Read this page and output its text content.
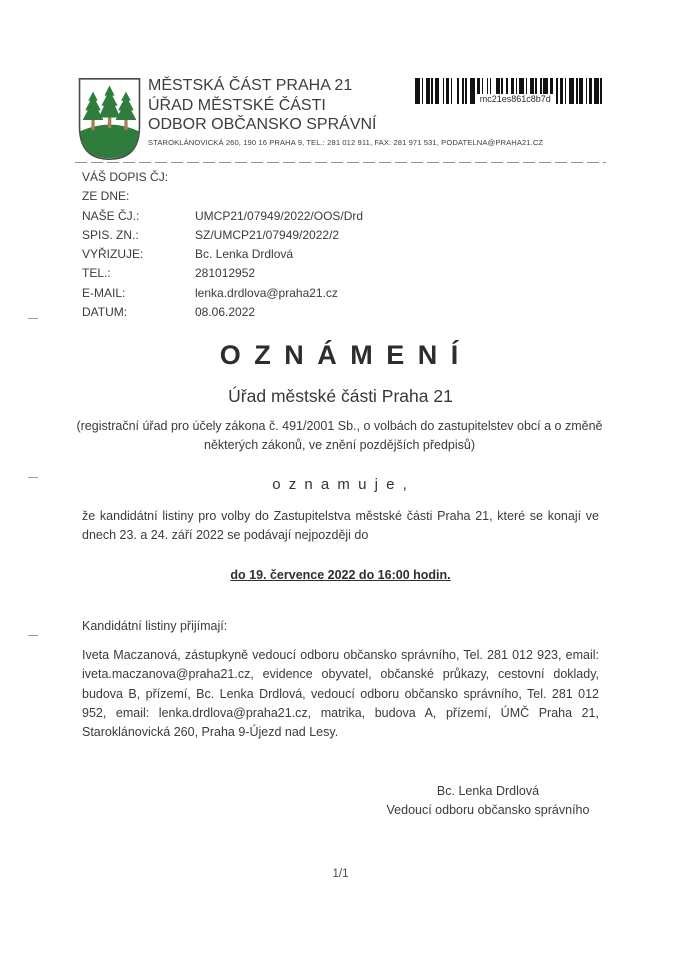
MĚSTSKÁ ČÁST PRAHA 21
ÚŘAD MĚSTSKÉ ČÁSTI
ODBOR OBČANSKO SPRÁVNÍ
STAROKLÁNOVICKÁ 260, 190 16 PRAHA 9, TEL.: 281 012 911, FAX: 281 971 531, PODATELNA@PRAHA21.CZ
mc21es861c8b7d
VÁŠ DOPIS ČJ:
ZE DNE:
NAŠE ČJ.:	UMCP21/07949/2022/OOS/Drd
SPIS. ZN.:	SZ/UMCP21/07949/2022/2
VYŘIZUJE:	Bc. Lenka Drdlová
TEL.:	281012952
E-MAIL:	lenka.drdlova@praha21.cz
DATUM:	08.06.2022
O Z N Á M E N Í
Úřad městské části Praha 21
(registrační úřad pro účely zákona č. 491/2001 Sb., o volbách do zastupitelstev obcí a o změně některých zákonů, ve znění pozdějších předpisů)
o z n a m u j e ,
že kandidátní listiny pro volby do Zastupitelstva městské části Praha 21, které se konají ve dnech 23. a 24. září 2022 se podávají nejpozději do
do 19. července 2022 do 16:00 hodin.
Kandidátní listiny přijímají:
Iveta Maczanová, zástupkyně vedoucí odboru občansko správního, Tel. 281 012 923, email: iveta.maczanova@praha21.cz, evidence obyvatel, občanské průkazy, cestovní doklady, budova B, přízemí, Bc. Lenka Drdlová, vedoucí odboru občansko správního, Tel. 281 012 952, email: lenka.drdlova@praha21.cz, matrika, budova A, přízemí, ÚMČ Praha 21, Staroklánovická 260, Praha 9-Újezd nad Lesy.
Bc. Lenka Drdlová
Vedoucí odboru občansko správního
1/1
